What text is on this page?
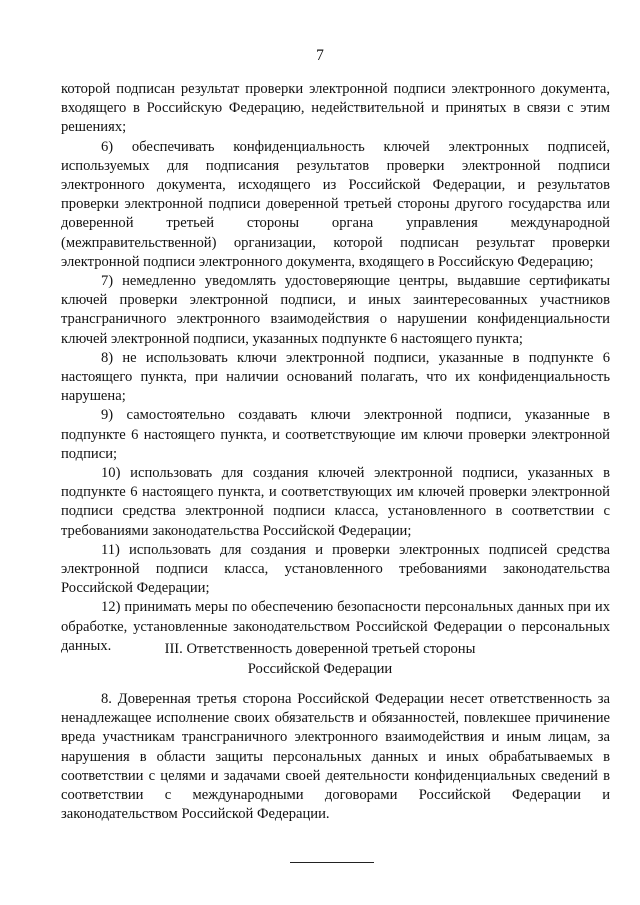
7

которой подписан результат проверки электронной подписи электронного документа, входящего в Российскую Федерацию, недействительной и принятых в связи с этим решениях;

6) обеспечивать конфиденциальность ключей электронных подписей, используемых для подписания результатов проверки электронной подписи электронного документа, исходящего из Российской Федерации, и результатов проверки электронной подписи доверенной третьей стороны другого государства или доверенной третьей стороны органа управления международной (межправительственной) организации, которой подписан результат проверки электронной подписи электронного документа, входящего в Российскую Федерацию;

7) немедленно уведомлять удостоверяющие центры, выдавшие сертификаты ключей проверки электронной подписи, и иных заинтересованных участников трансграничного электронного взаимодействия о нарушении конфиденциальности ключей электронной подписи, указанных подпункте 6 настоящего пункта;

8) не использовать ключи электронной подписи, указанные в подпункте 6 настоящего пункта, при наличии оснований полагать, что их конфиденциальность нарушена;

9) самостоятельно создавать ключи электронной подписи, указанные в подпункте 6 настоящего пункта, и соответствующие им ключи проверки электронной подписи;

10) использовать для создания ключей электронной подписи, указанных в подпункте 6 настоящего пункта, и соответствующих им ключей проверки электронной подписи средства электронной подписи класса, установленного в соответствии с требованиями законодательства Российской Федерации;

11) использовать для создания и проверки электронных подписей средства электронной подписи класса, установленного требованиями законодательства Российской Федерации;

12) принимать меры по обеспечению безопасности персональных данных при их обработке, установленные законодательством Российской Федерации о персональных данных.	III. Ответственность доверенной третьей стороны
Российской Федерации

8. Доверенная третья сторона Российской Федерации несет ответственность за ненадлежащее исполнение своих обязательств и обязанностей, повлекшее причинение вреда участникам трансграничного электронного взаимодействия и иным лицам, за нарушения в области защиты персональных данных и иных обрабатываемых в соответствии с целями и задачами своей деятельности конфиденциальных сведений в соответствии с международными договорами Российской Федерации и законодательством Российской Федерации.
